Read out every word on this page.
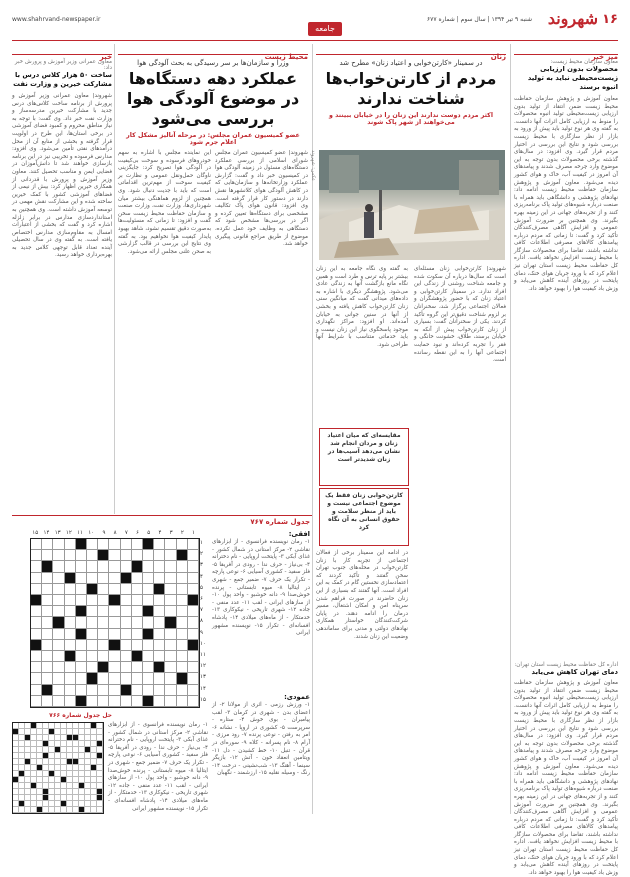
۱۶
شهروند
شنبه ۹ تیر ۱۳۹۴ | سال سوم | شماره ۶۷۷
www.shahrvand-newspaper.ir
جامعه
میز خبر
معاون سازمان محیط زیست:
محصولات بدون ارزیابی زیست‌محیطی نباید به تولید انبوه برسند
معاون آموزش و پژوهش سازمان حفاظت محیط زیست ضمن انتقاد از تولید بدون ارزیابی زیست‌محیطی تولید انبوه محصولات را منوط به ارزیابی کامل اثرات آنها دانست. به گفته وی هر نوع تولید باید پیش از ورود به بازار از نظر سازگاری با محیط زیست بررسی شود و نتایج این بررسی در اختیار مردم قرار گیرد. وی افزود: در سال‌های گذشته برخی محصولات بدون توجه به این موضوع وارد چرخه مصرف شدند و پیامدهای آن امروز در کیفیت آب، خاک و هوای کشور دیده می‌شود. معاون آموزش و پژوهش سازمان حفاظت محیط زیست ادامه داد: نهادهای پژوهشی و دانشگاهی باید همراه با صنعت درباره شیوه‌های تولید پاک برنامه‌ریزی کنند و از تجربه‌های جهانی در این زمینه بهره بگیرند. وی همچنین بر ضرورت آموزش عمومی و افزایش آگاهی مصرف‌کنندگان تأکید کرد و گفت: تا زمانی که مردم درباره پیامدهای کالاهای مصرفی اطلاعات کافی نداشته باشند، تقاضا برای محصولات سازگار با محیط زیست افزایش نخواهد یافت. اداره کل حفاظت محیط زیست استان تهران نیز اعلام کرد که با ورود جریان هوای خنک، دمای پایتخت در روزهای آینده کاهش می‌یابد و وزش باد کیفیت هوا را بهبود خواهد داد.
اداره کل حفاظت محیط زیست استان تهران:
دمای تهران کاهش می‌یابد
معاون آموزش و پژوهش سازمان حفاظت محیط زیست ضمن انتقاد از تولید بدون ارزیابی زیست‌محیطی تولید انبوه محصولات را منوط به ارزیابی کامل اثرات آنها دانست. به گفته وی هر نوع تولید باید پیش از ورود به بازار از نظر سازگاری با محیط زیست بررسی شود و نتایج این بررسی در اختیار مردم قرار گیرد. وی افزود: در سال‌های گذشته برخی محصولات بدون توجه به این موضوع وارد چرخه مصرف شدند و پیامدهای آن امروز در کیفیت آب، خاک و هوای کشور دیده می‌شود. معاون آموزش و پژوهش سازمان حفاظت محیط زیست ادامه داد: نهادهای پژوهشی و دانشگاهی باید همراه با صنعت درباره شیوه‌های تولید پاک برنامه‌ریزی کنند و از تجربه‌های جهانی در این زمینه بهره بگیرند. وی همچنین بر ضرورت آموزش عمومی و افزایش آگاهی مصرف‌کنندگان تأکید کرد و گفت: تا زمانی که مردم درباره پیامدهای کالاهای مصرفی اطلاعات کافی نداشته باشند، تقاضا برای محصولات سازگار با محیط زیست افزایش نخواهد یافت. اداره کل حفاظت محیط زیست استان تهران نیز اعلام کرد که با ورود جریان هوای خنک، دمای پایتخت در روزهای آینده کاهش می‌یابد و وزش باد کیفیت هوا را بهبود خواهد داد.
زنان
در سمینار «کارتن‌خوابی و اعتیاد زنان» مطرح شد
مردم از کارتن‌خواب‌ها شناخت ندارند
اکثر مردم دوست ندارند این زنان را در خیابان ببینند و می‌خواهند از شهر پاک شوند
عکس: شهروند
شهروند| کارتن‌خوابی زنان مسئله‌ای است که سال‌ها درباره آن سکوت شده و جامعه شناخت روشنی از زندگی این افراد ندارد. در سمینار کارتن‌خوابی و اعتیاد زنان که با حضور پژوهشگران و فعالان اجتماعی برگزار شد، سخنرانان بر لزوم شناخت دقیق‌تر این گروه تأکید کردند. یکی از سخنرانان گفت: بسیاری از زنان کارتن‌خواب پیش از آنکه به خیابان برسند، طلاق، خشونت خانگی و فقر را تجربه کرده‌اند و نبود حمایت اجتماعی آنها را به این نقطه رسانده است.
به گفته وی نگاه جامعه به این زنان بیشتر بر پایه ترس و طرد است و همین نگاه مانع بازگشت آنها به زندگی عادی می‌شود. پژوهشگر دیگری با اشاره به داده‌های میدانی گفت که میانگین سنی زنان کارتن‌خواب کاهش یافته و بخشی از آنها در سنین جوانی به خیابان آمده‌اند. او افزود: مراکز نگهداری موجود پاسخگوی نیاز این زنان نیست و باید خدماتی متناسب با شرایط آنها طراحی شود.
مقایسه‌ای که میان اعتیاد زنان و مردان انجام شد نشان می‌دهد آسیب‌ها در زنان شدیدتر است
کارتن‌خوابی زنان فقط یک موضوع اجتماعی نیست و باید از منظر سلامت و حقوق انسانی به آن نگاه کرد
در ادامه این سمینار برخی از فعالان اجتماعی از تجربه کار با زنان کارتن‌خواب در محله‌های جنوب تهران سخن گفتند و تأکید کردند که اعتماد‌سازی نخستین گام در کمک به این افراد است. آنها گفتند که بسیاری از این زنان حاضرند در صورت فراهم شدن سرپناه امن و امکان اشتغال، مسیر درمان را ادامه دهند. در پایان شرکت‌کنندگان خواستار همکاری نهادهای دولتی و مدنی برای ساماندهی وضعیت این زنان شدند.
محیط زیست
وزرا و سازمان‌ها بر سر رسیدگی به بحث آلودگی هوا
عملکرد دهه دستگاه‌ها در موضوع آلودگی هوا بررسی می‌شود
عضو کمیسیون عمران مجلس: در مرحله آنالیز مشکل کار اعلام جرم شود
شهروند| عضو کمیسیون عمران مجلس شورای اسلامی از بررسی عملکرد دستگاه‌های مسئول در زمینه آلودگی هوا در کمیسیون خبر داد و گفت: گزارش عملکرد وزارتخانه‌ها و سازمان‌هایی که در کاهش آلودگی هوای کلانشهرها نقش دارند در دستور کار قرار گرفته است. وی افزود: قانون هوای پاک تکالیف مشخصی برای دستگاه‌ها تعیین کرده و اگر در بررسی‌ها مشخص شود که دستگاهی به وظایف خود عمل نکرده، موضوع از طریق مراجع قانونی پیگیری خواهد شد.
این نماینده مجلس با اشاره به سهم خودروهای فرسوده و سوخت بی‌کیفیت در آلودگی هوا تصریح کرد: جایگزینی ناوگان حمل‌ونقل عمومی و نظارت بر کیفیت سوخت از مهم‌ترین اقداماتی است که باید با جدیت دنبال شود. وی همچنین از لزوم هماهنگی بیشتر میان شهرداری‌ها، وزارت نفت، وزارت صنعت و سازمان حفاظت محیط زیست سخن گفت و افزود: تا زمانی که مسئولیت‌ها به‌صورت دقیق تقسیم نشود، شاهد بهبود پایدار کیفیت هوا نخواهیم بود. به گفته وی نتایج این بررسی در قالب گزارشی به صحن علنی مجلس ارائه می‌شود.
خبر
معاون عمرانی وزیر آموزش و پرورش خبر داد:
ساخت ۵۰ هزار کلاس درس با مشارکت خیرین و وزارت نفت
شهروند| معاون عمرانی وزیر آموزش و پرورش از برنامه ساخت کلاس‌های درس جدید با مشارکت خیرین مدرسه‌ساز و وزارت نفت خبر داد. وی گفت: با توجه به نیاز مناطق محروم و کمبود فضای آموزشی در برخی استان‌ها، این طرح در اولویت قرار گرفته و بخشی از منابع آن از محل درآمدهای نفتی تأمین می‌شود. وی افزود: مدارس فرسوده و تخریبی نیز در این برنامه بازسازی خواهند شد تا دانش‌آموزان در فضایی ایمن و مناسب تحصیل کنند. معاون وزیر آموزش و پرورش با قدردانی از همکاری خیرین اظهار کرد: بیش از نیمی از فضاهای آموزشی کشور با کمک خیرین ساخته شده و این مشارکت نقش مهمی در توسعه آموزش داشته است. وی همچنین به استانداردسازی مدارس در برابر زلزله اشاره کرد و گفت که بخشی از اعتبارات امسال به مقاوم‌سازی مدارس اختصاص یافته است. به گفته وی در سال تحصیلی آینده تعداد قابل توجهی کلاس جدید به بهره‌برداری خواهد رسید.
جدول شماره ۷۶۷
۱
۲
۳
۴
۵
۶
۷
۸
۹
۱۰
۱۱
۱۲
۱۳
۱۴
۱۵
۱
۲
۳
۴
۵
۶
۷
۸
۹
۱۰
۱۱
۱۲
۱۳
۱۴
۱۵
افقی:
۱- رمان نویسنده فرانسوی - از ابزارهای نقاشی ۲- مرکز استانی در شمال کشور - غذای آبکی ۳- پایتخت اروپایی - نام دخترانه ۴- بی‌نیاز - حرف ندا - رودی در آفریقا ۵- فلز سفید - کشوری آسیایی ۶- نوعی پارچه - تکرار یک حرف ۷- ضمیر جمع - شهری در ایتالیا ۸- میوه تابستانی - پرنده خوش‌صدا ۹- دانه خوشبو - واحد پول ۱۰- از سازهای ایرانی - لقب ۱۱- عدد منفی - جاده ۱۲- شهری تاریخی - نیکوکاری ۱۳- خدمتکار - از ماه‌های میلادی ۱۴- پادشاه افسانه‌ای - تکرار ۱۵- نویسنده مشهور ایرانی
عمودی:
۱- ورزش رزمی - اثری از مولانا ۲- از اعضای بدن - شهری در کرمان ۳- لقب پیامبران - بوی خوش ۴- ستاره - سرپرست ۵- کشوری در اروپا - نشانه ۶- امر به رفتن - نوعی پرنده ۷- رود مرزی - آرام ۸- نام پسرانه - کلاه ۹- سوره‌ای در قرآن - تنبل ۱۰- خط کشیدن - دل ۱۱- ویتامین انعقاد خون - آتش ۱۲- بازیگر سینما - آهنگ ۱۳- شب‌نشینی - درخت ۱۴- رنگ - وسیله نقلیه ۱۵- ارزشمند - نگهبان
حل جدول شماره ۷۶۶
۱- رمان نویسنده فرانسوی - از ابزارهای نقاشی ۲- مرکز استانی در شمال کشور - غذای آبکی ۳- پایتخت اروپایی - نام دخترانه ۴- بی‌نیاز - حرف ندا - رودی در آفریقا ۵- فلز سفید - کشوری آسیایی ۶- نوعی پارچه - تکرار یک حرف ۷- ضمیر جمع - شهری در ایتالیا ۸- میوه تابستانی - پرنده خوش‌صدا ۹- دانه خوشبو - واحد پول ۱۰- از سازهای ایرانی - لقب ۱۱- عدد منفی - جاده ۱۲- شهری تاریخی - نیکوکاری ۱۳- خدمتکار - از ماه‌های میلادی ۱۴- پادشاه افسانه‌ای - تکرار ۱۵- نویسنده مشهور ایرانی
